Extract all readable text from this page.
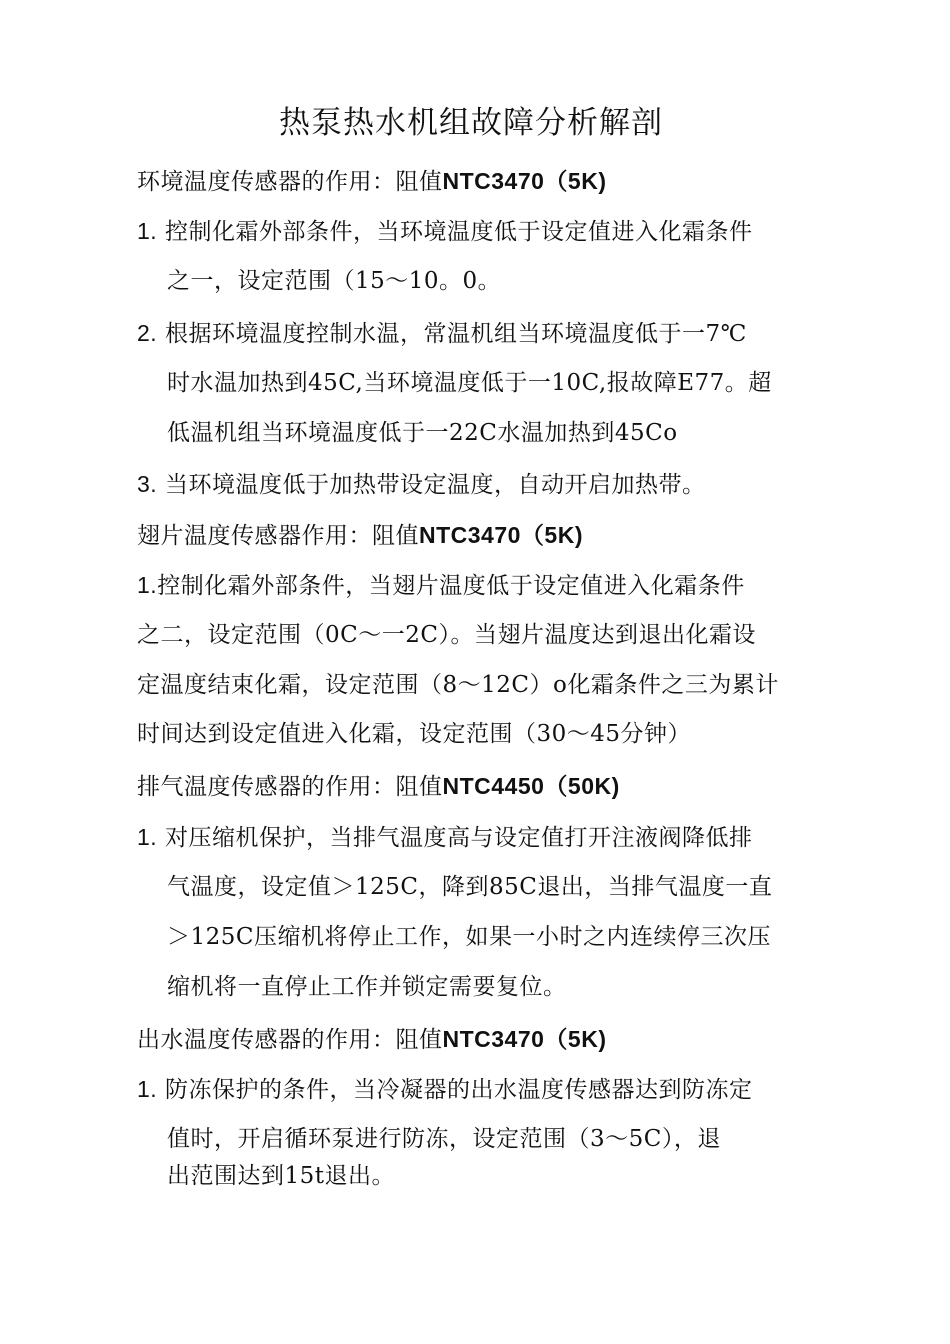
热泵热水机组故障分析解剖
环境温度传感器的作用：阻值NTC3470（5K)
1. 控制化霜外部条件，当环境温度低于设定值进入化霜条件
之一，设定范围（15〜10。0。
2. 根据环境温度控制水温，常温机组当环境温度低于一7℃
时水温加热到45C,当环境温度低于一10C,报故障E77。超
低温机组当环境温度低于一22C水温加热到45Co
3. 当环境温度低于加热带设定温度，自动开启加热带。
翅片温度传感器作用：阻值NTC3470（5K)
1.控制化霜外部条件，当翅片温度低于设定值进入化霜条件
之二，设定范围（0C〜一2C）。当翅片温度达到退出化霜设
定温度结束化霜，设定范围（8〜12C）o化霜条件之三为累计
时间达到设定值进入化霜，设定范围（30〜45分钟）
排气温度传感器的作用：阻值NTC4450（50K)
1. 对压缩机保护，当排气温度高与设定值打开注液阀降低排
气温度，设定值＞125C，降到85C退出，当排气温度一直
＞125C压缩机将停止工作，如果一小时之内连续停三次压
缩机将一直停止工作并锁定需要复位。
出水温度传感器的作用：阻值NTC3470（5K)
1. 防冻保护的条件，当冷凝器的出水温度传感器达到防冻定
值时，开启循环泵进行防冻，设定范围（3〜5C），退
出范围达到15t退出。
